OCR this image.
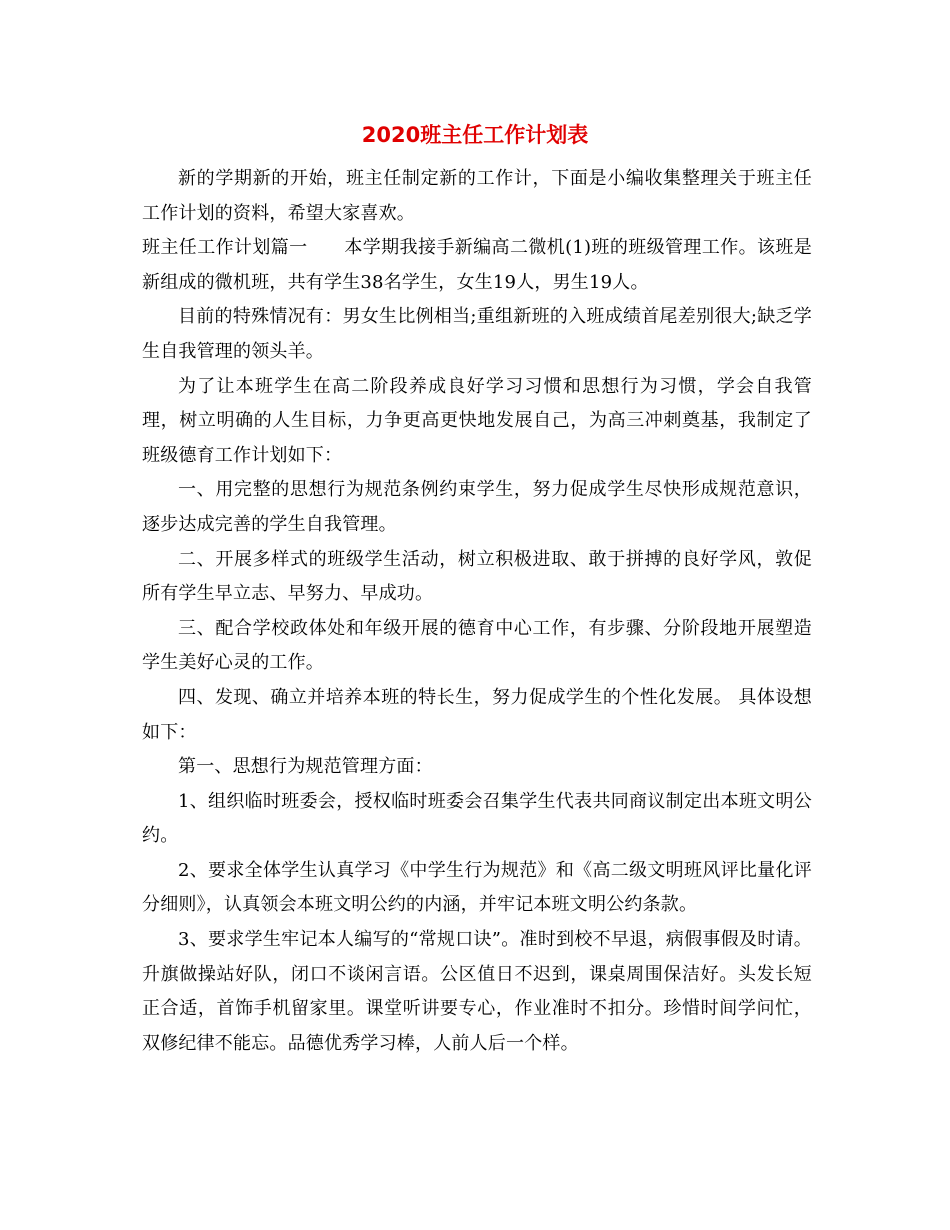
2020班主任工作计划表

新的学期新的开始，班主任制定新的工作计，下面是小编收集整理关于班主任工作计划的资料，希望大家喜欢。

班主任工作计划篇一　　本学期我接手新编高二微机(1)班的班级管理工作。该班是新组成的微机班，共有学生38名学生，女生19人，男生19人。

目前的特殊情况有：男女生比例相当;重组新班的入班成绩首尾差别很大;缺乏学生自我管理的领头羊。

为了让本班学生在高二阶段养成良好学习习惯和思想行为习惯，学会自我管理，树立明确的人生目标，力争更高更快地发展自己，为高三冲刺奠基，我制定了班级德育工作计划如下：

一、用完整的思想行为规范条例约束学生，努力促成学生尽快形成规范意识，逐步达成完善的学生自我管理。

二、开展多样式的班级学生活动，树立积极进取、敢于拼搏的良好学风，敦促所有学生早立志、早努力、早成功。

三、配合学校政体处和年级开展的德育中心工作，有步骤、分阶段地开展塑造学生美好心灵的工作。

四、发现、确立并培养本班的特长生，努力促成学生的个性化发展。 具体设想如下：

第一、思想行为规范管理方面：

1、组织临时班委会，授权临时班委会召集学生代表共同商议制定出本班文明公约。

2、要求全体学生认真学习《中学生行为规范》和《高二级文明班风评比量化评分细则》，认真领会本班文明公约的内涵，并牢记本班文明公约条款。

3、要求学生牢记本人编写的“常规口诀”。准时到校不早退，病假事假及时请。升旗做操站好队，闭口不谈闲言语。公区值日不迟到，课桌周围保洁好。头发长短正合适，首饰手机留家里。课堂听讲要专心，作业准时不扣分。珍惜时间学问忙，双修纪律不能忘。品德优秀学习棒，人前人后一个样。
